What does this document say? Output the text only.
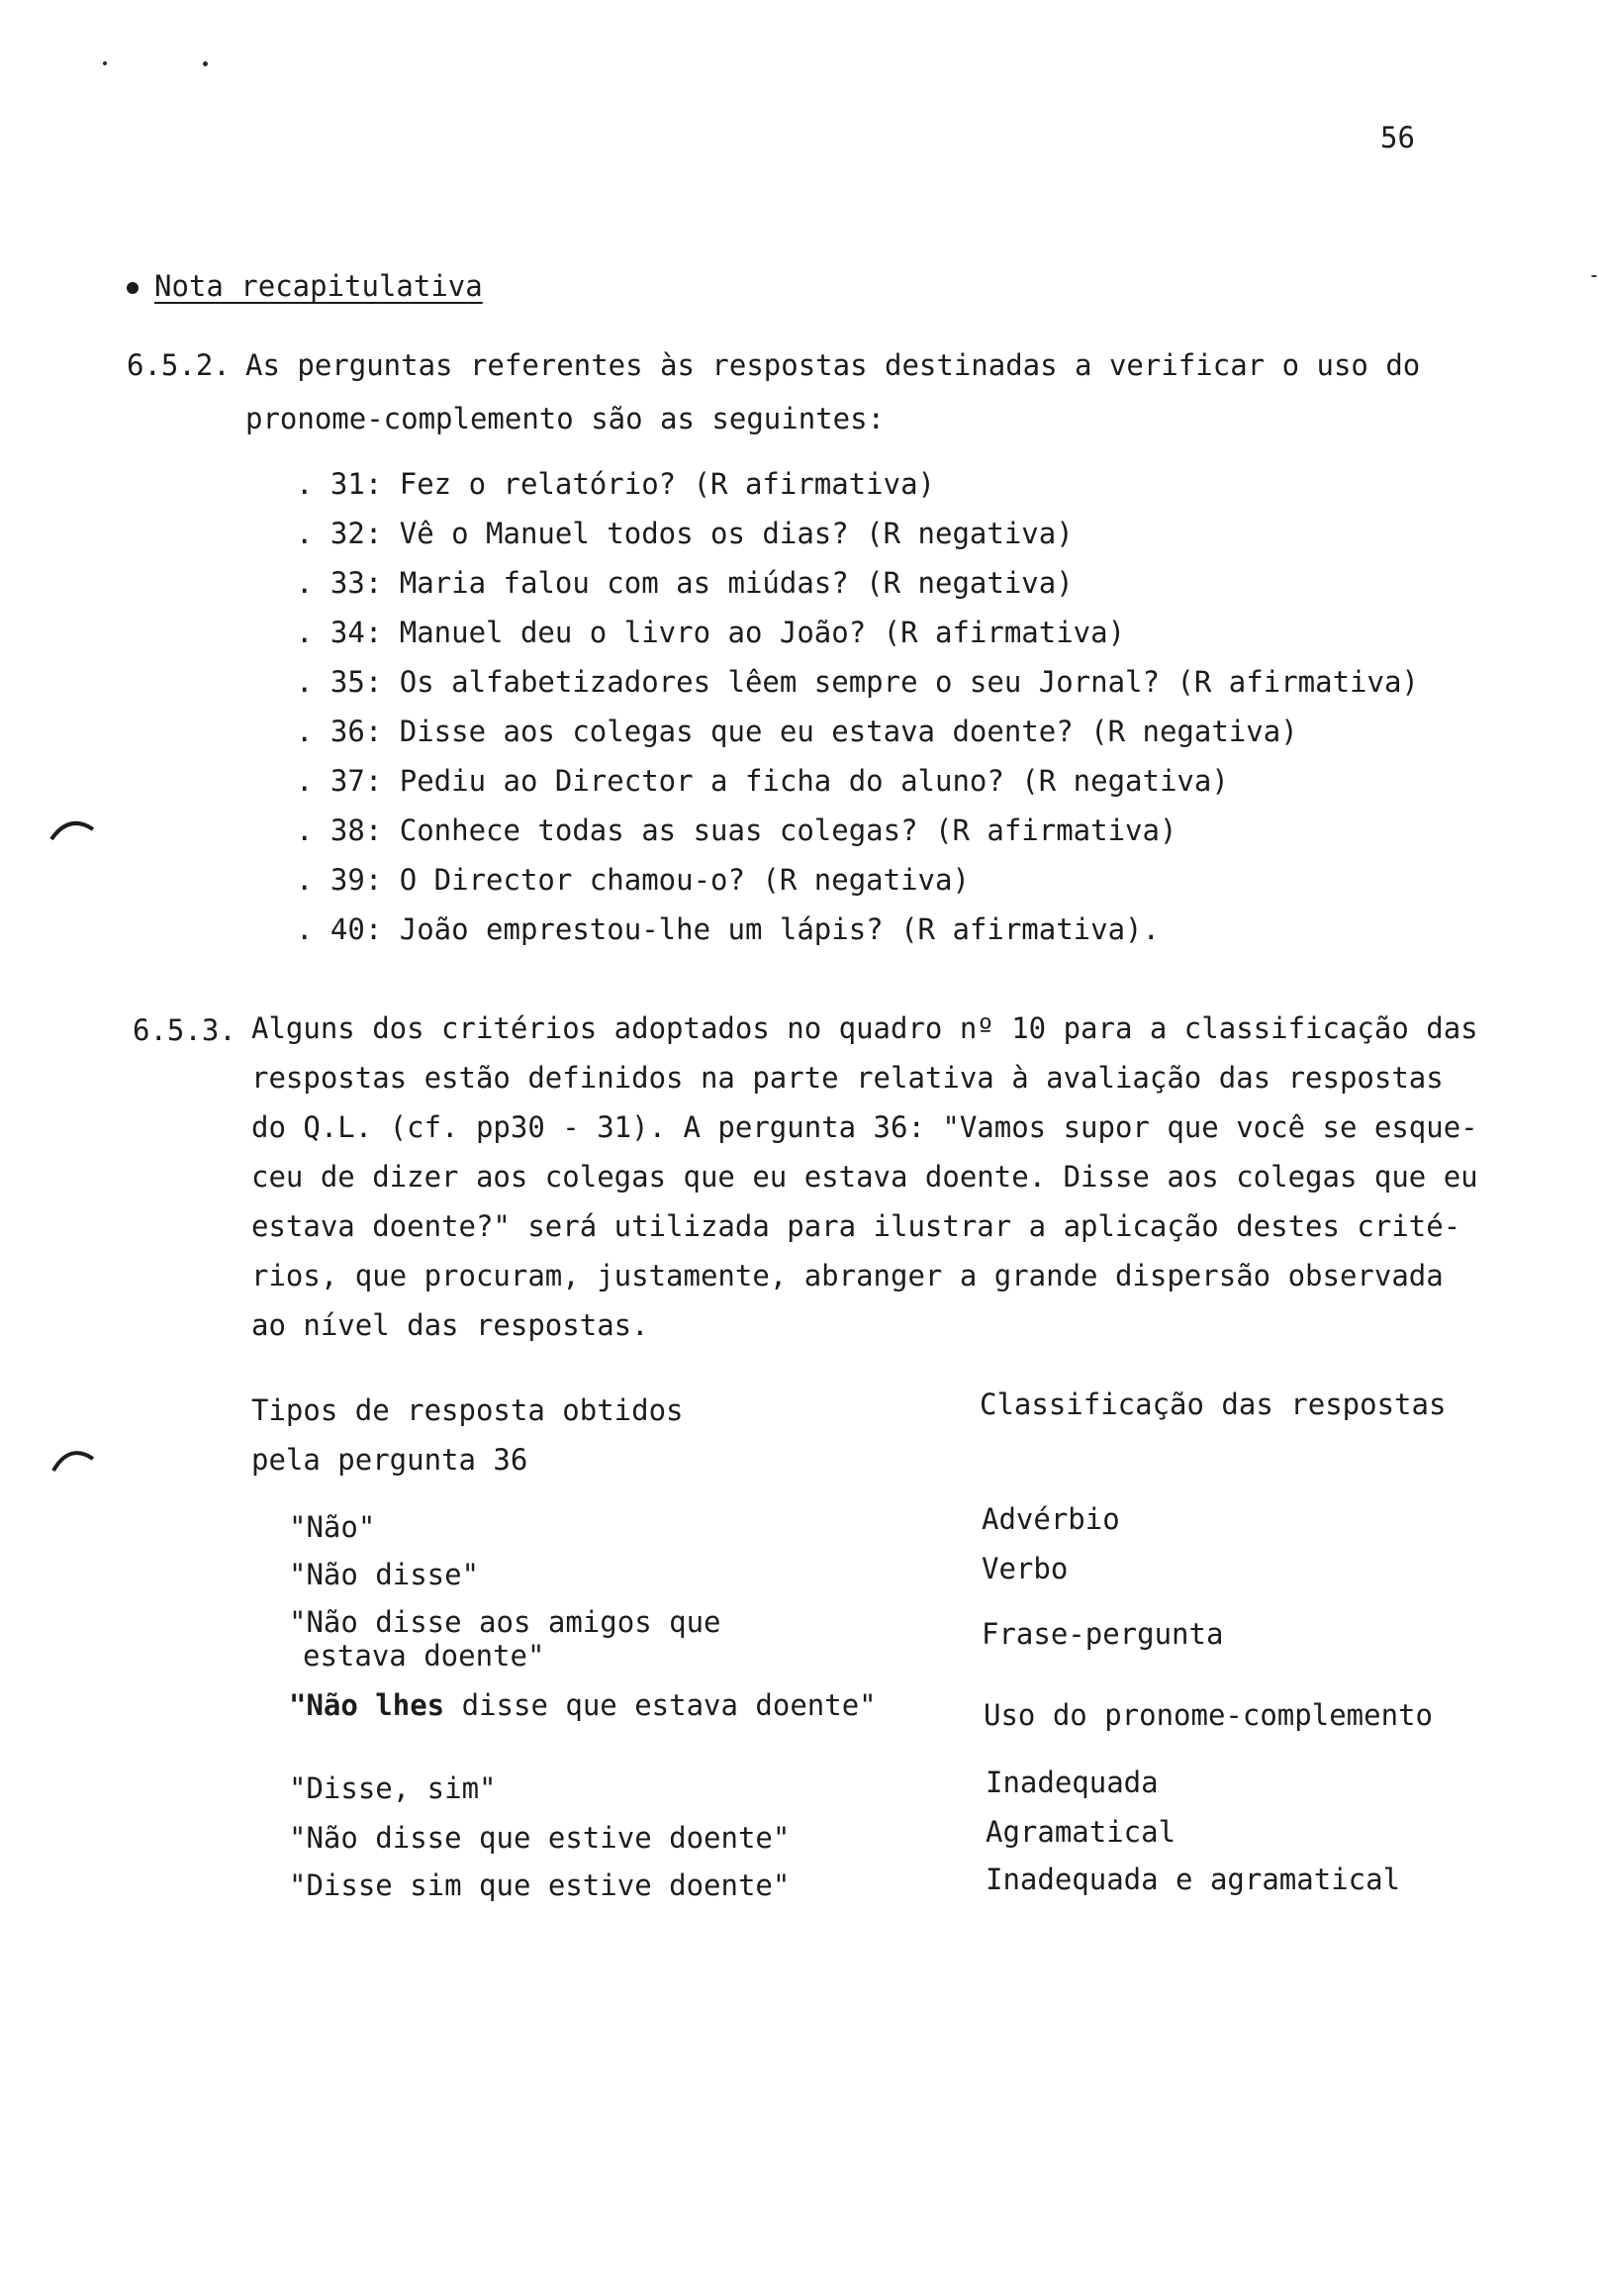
56
Nota recapitulativa
6.5.2. As perguntas referentes às respostas destinadas a verificar o uso do
pronome-complemento são as seguintes:
. 31: Fez o relatório? (R afirmativa)
. 32: Vê o Manuel todos os dias? (R negativa)
. 33: Maria falou com as miúdas? (R negativa)
. 34: Manuel deu o livro ao João? (R afirmativa)
. 35: Os alfabetizadores lêem sempre o seu Jornal? (R afirmativa)
. 36: Disse aos colegas que eu estava doente? (R negativa)
. 37: Pediu ao Director a ficha do aluno? (R negativa)
. 38: Conhece todas as suas colegas? (R afirmativa)
. 39: O Director chamou-o? (R negativa)
. 40: João emprestou-lhe um lápis? (R afirmativa).
6.5.3. Alguns dos critérios adoptados no quadro nº 10 para a classificação das
respostas estão definidos na parte relativa à avaliação das respostas
do Q.L. (cf. pp30 - 31). A pergunta 36: "Vamos supor que você se esque-
ceu de dizer aos colegas que eu estava doente. Disse aos colegas que eu
estava doente?" será utilizada para ilustrar a aplicação destes crité-
rios, que procuram, justamente, abranger a grande dispersão observada
ao nível das respostas.
Tipos de resposta obtidos
pela pergunta 36
Classificação das respostas
"Não"	Advérbio
"Não disse"	Verbo
"Não disse aos amigos que
estava doente"
Frase-pergunta
"Não lhes disse que estava doente"	Uso do pronome-complemento
"Disse, sim"	Inadequada
"Não disse que estive doente"	Agramatical
"Disse sim que estive doente"	Inadequada e agramatical
